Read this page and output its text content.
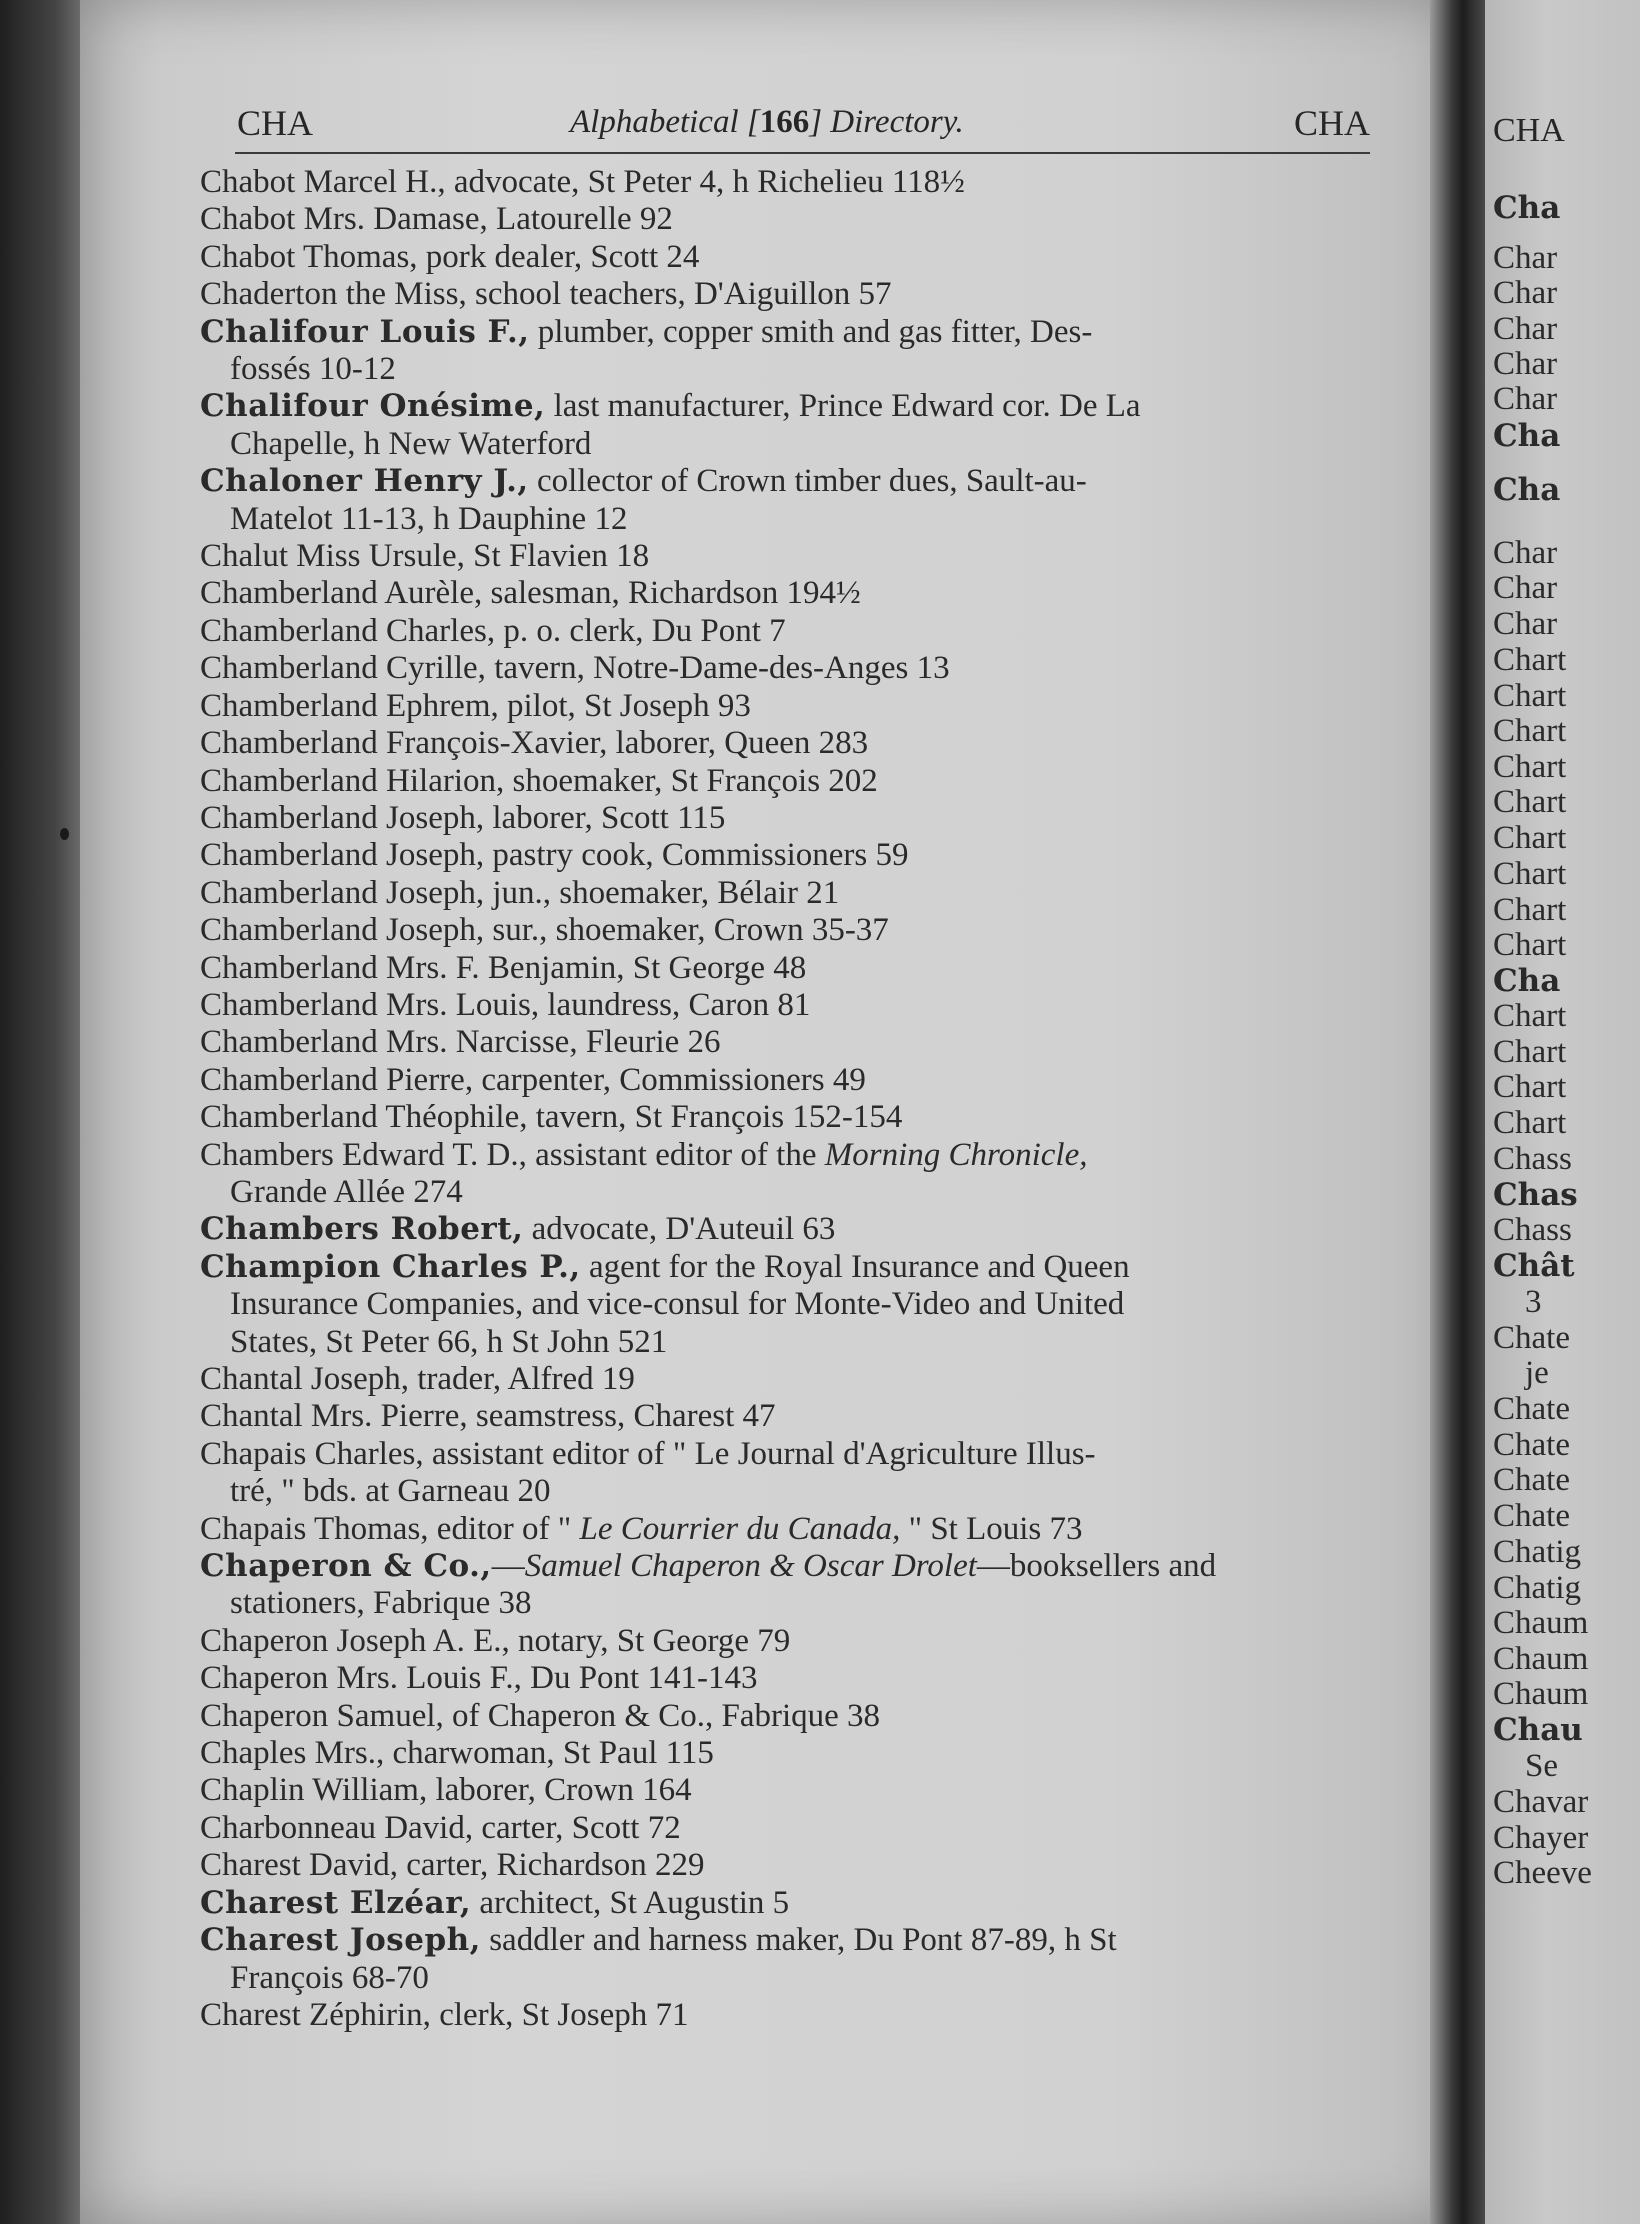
CHA	Alphabetical [166] Directory.	CHA
Chabot Marcel H., advocate, St Peter 4, h Richelieu 118½
Chabot Mrs. Damase, Latourelle 92
Chabot Thomas, pork dealer, Scott 24
Chaderton the Miss, school teachers, D'Aiguillon 57
Chalifour Louis F., plumber, copper smith and gas fitter, Des-
fossés 10-12
Chalifour Onésime, last manufacturer, Prince Edward cor. De La
Chapelle, h New Waterford
Chaloner Henry J., collector of Crown timber dues, Sault-au-
Matelot 11-13, h Dauphine 12
Chalut Miss Ursule, St Flavien 18
Chamberland Aurèle, salesman, Richardson 194½
Chamberland Charles, p. o. clerk, Du Pont 7
Chamberland Cyrille, tavern, Notre-Dame-des-Anges 13
Chamberland Ephrem, pilot, St Joseph 93
Chamberland François-Xavier, laborer, Queen 283
Chamberland Hilarion, shoemaker, St François 202
Chamberland Joseph, laborer, Scott 115
Chamberland Joseph, pastry cook, Commissioners 59
Chamberland Joseph, jun., shoemaker, Bélair 21
Chamberland Joseph, sur., shoemaker, Crown 35-37
Chamberland Mrs. F. Benjamin, St George 48
Chamberland Mrs. Louis, laundress, Caron 81
Chamberland Mrs. Narcisse, Fleurie 26
Chamberland Pierre, carpenter, Commissioners 49
Chamberland Théophile, tavern, St François 152-154
Chambers Edward T. D., assistant editor of the Morning Chronicle,
Grande Allée 274
Chambers Robert, advocate, D'Auteuil 63
Champion Charles P., agent for the Royal Insurance and Queen
Insurance Companies, and vice-consul for Monte-Video and United
States, St Peter 66, h St John 521
Chantal Joseph, trader, Alfred 19
Chantal Mrs. Pierre, seamstress, Charest 47
Chapais Charles, assistant editor of " Le Journal d'Agriculture Illus-
tré, " bds. at Garneau 20
Chapais Thomas, editor of " Le Courrier du Canada, " St Louis 73
Chaperon & Co.,—Samuel Chaperon & Oscar Drolet—booksellers and
stationers, Fabrique 38
Chaperon Joseph A. E., notary, St George 79
Chaperon Mrs. Louis F., Du Pont 141-143
Chaperon Samuel, of Chaperon & Co., Fabrique 38
Chaples Mrs., charwoman, St Paul 115
Chaplin William, laborer, Crown 164
Charbonneau David, carter, Scott 72
Charest David, carter, Richardson 229
Charest Elzéar, architect, St Augustin 5
Charest Joseph, saddler and harness maker, Du Pont 87-89, h St
François 68-70
Charest Zéphirin, clerk, St Joseph 71
CHA
Cha
Char
Char
Char
Char
Char
Cha
Cha
Char
Char
Char
Chart
Chart
Chart
Chart
Chart
Chart
Chart
Chart
Chart
Cha
Chart
Chart
Chart
Chart
Chass
Chas
Chass
Chât
3
Chate
je
Chate
Chate
Chate
Chate
Chatig
Chatig
Chaum
Chaum
Chaum
Chau
Se
Chavar
Chayer
Cheeve
